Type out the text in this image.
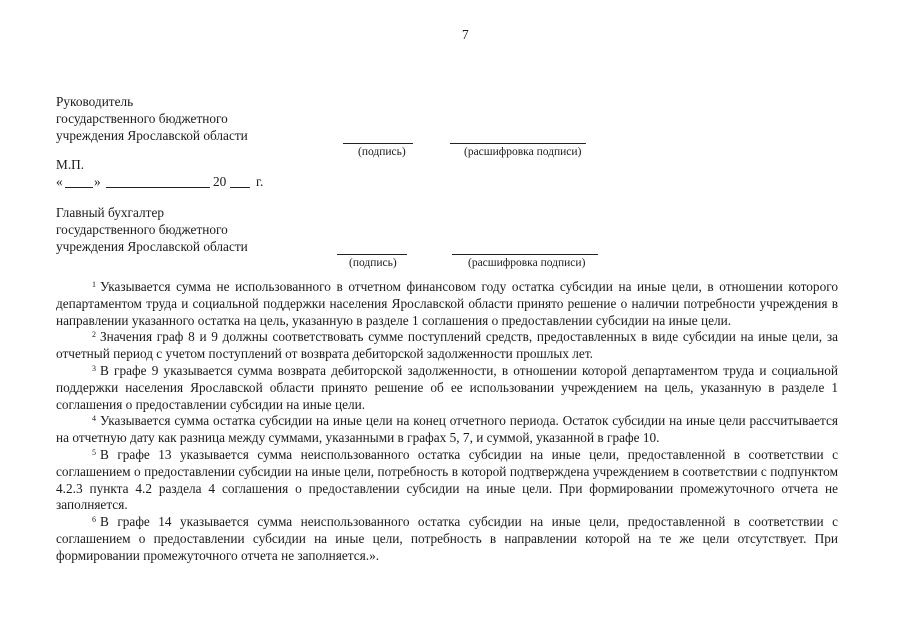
7
Руководитель
государственного бюджетного
учреждения Ярославской области
(подпись)	(расшифровка подписи)
М.П.
« »	20 г.
Главный бухгалтер
государственного бюджетного
учреждения Ярославской области
(подпись)	(расшифровка подписи)

$^1$ Указывается сумма не использованного в отчетном финансовом году остатка субсидии на иные цели, в отношении которого департаментом труда и социальной поддержки населения Ярославской области принято решение о наличии потребности учреждения в направлении указанного остатка на цель, указанную в разделе 1 соглашения о предоставлении субсидии на иные цели.

$^2$ Значения граф 8 и 9 должны соответствовать сумме поступлений средств, предоставленных в виде субсидии на иные цели, за отчетный период с учетом поступлений от возврата дебиторской задолженности прошлых лет.

$^3$ В графе 9 указывается сумма возврата дебиторской задолженности, в отношении которой департаментом труда и социальной поддержки населения Ярославской области принято решение об ее использовании учреждением на цель, указанную в разделе 1 соглашения о предоставлении субсидии на иные цели.

$^4$ Указывается сумма остатка субсидии на иные цели на конец отчетного периода. Остаток субсидии на иные цели рассчитывается на отчетную дату как разница между суммами, указанными в графах 5, 7, и суммой, указанной в графе 10.

$^5$ В графе 13 указывается сумма неиспользованного остатка субсидии на иные цели, предоставленной в соответствии с соглашением о предоставлении субсидии на иные цели, потребность в которой подтверждена учреждением в соответствии с подпунктом 4.2.3 пункта 4.2 раздела 4 соглашения о предоставлении субсидии на иные цели. При формировании промежуточного отчета не заполняется.

$^6$ В графе 14 указывается сумма неиспользованного остатка субсидии на иные цели, предоставленной в соответствии с соглашением о предоставлении субсидии на иные цели, потребность в направлении которой на те же цели отсутствует. При формировании промежуточного отчета не заполняется.».
